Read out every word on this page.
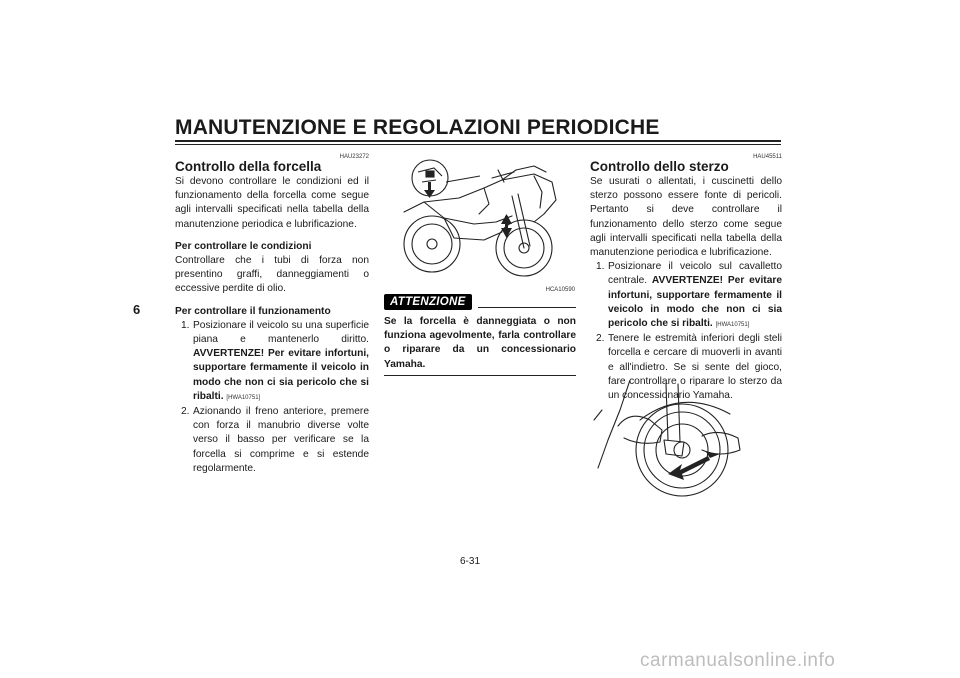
MANUTENZIONE E REGOLAZIONI PERIODICHE
6
HAU23272
Controllo della forcella

Si devono controllare le condizioni ed il funzionamento della forcella come segue agli intervalli specificati nella tabella della manutenzione periodica e lubrificazione.

Per controllare le condizioni

Controllare che i tubi di forza non presentino graffi, danneggiamenti o eccessive perdite di olio.

Per controllare il funzionamento

1. Posizionare il veicolo su una superficie piana e mantenerlo diritto. AVVERTENZE! Per evitare infortuni, supportare fermamente il veicolo in modo che non ci sia pericolo che si ribalti. [HWA10751]
2. Azionando il freno anteriore, premere con forza il manubrio diverse volte verso il basso per verificare se la forcella si comprime e si estende regolarmente.
HCA10590
ATTENZIONE

Se la forcella è danneggiata o non funziona agevolmente, farla controllare o riparare da un concessionario Yamaha.

HAU45511
Controllo dello sterzo

Se usurati o allentati, i cuscinetti dello sterzo possono essere fonte di pericoli. Pertanto si deve controllare il funzionamento dello sterzo come segue agli intervalli specificati nella tabella della manutenzione periodica e lubrificazione.

1. Posizionare il veicolo sul cavalletto centrale. AVVERTENZE! Per evitare infortuni, supportare fermamente il veicolo in modo che non ci sia pericolo che si ribalti. [HWA10751]
2. Tenere le estremità inferiori degli steli forcella e cercare di muoverli in avanti e all'indietro. Se si sente del gioco, fare controllare o riparare lo sterzo da un concessionario Yamaha.
6-31
carmanualsonline.info
